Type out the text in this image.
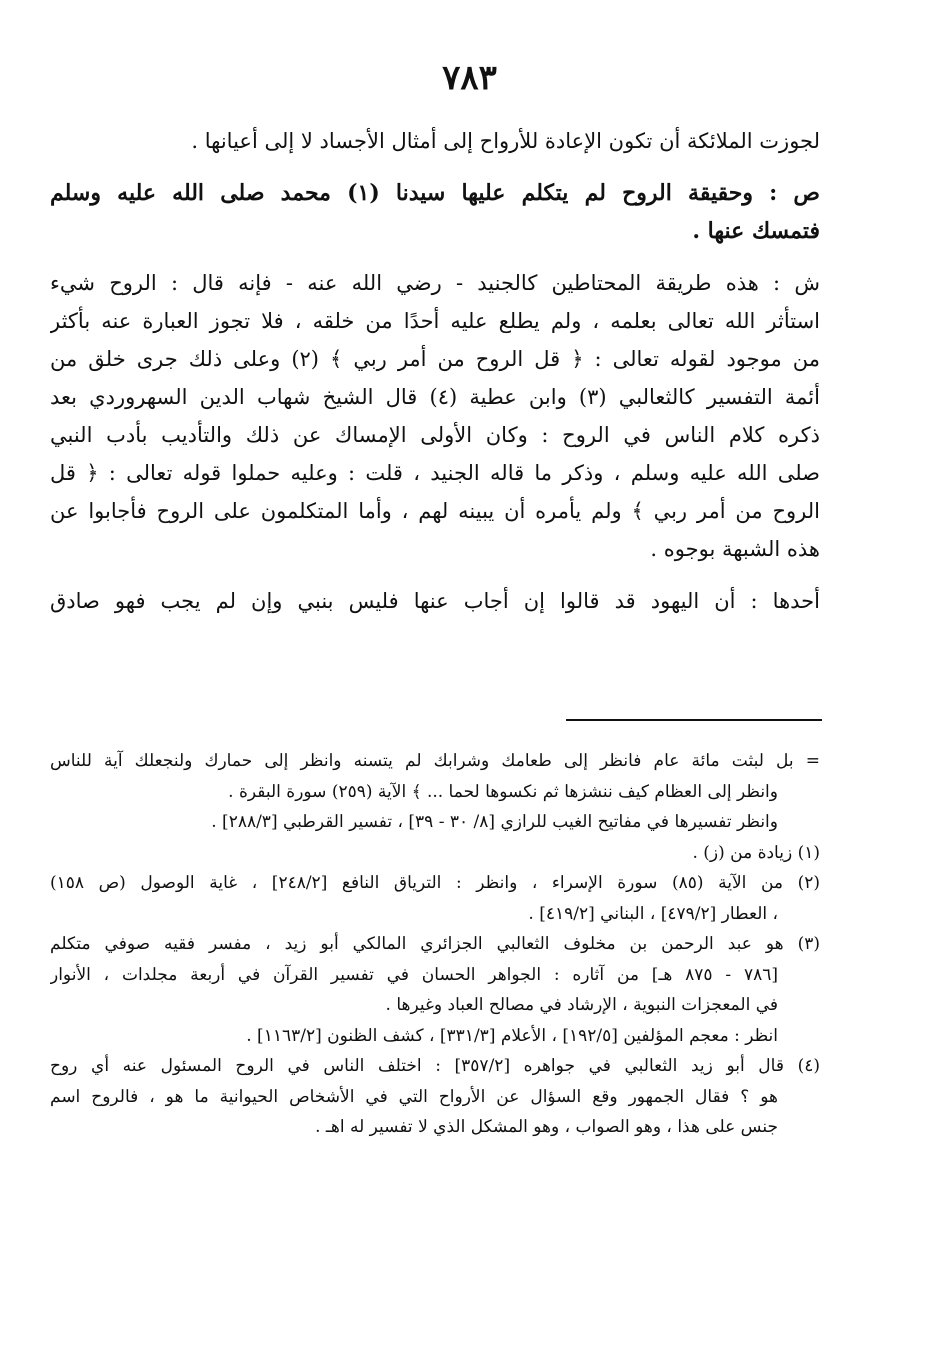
٧٨٣
لجوزت الملائكة أن تكون الإعادة للأرواح إلى أمثال الأجساد لا إلى أعيانها .
ص : وحقيقة الروح لم يتكلم عليها سيدنا (١) محمد صلى الله عليه وسلم
فتمسك عنها .
ش : هذه طريقة المحتاطين كالجنيد - رضي الله عنه - فإنه قال : الروح شيء
استأثر الله تعالى بعلمه ، ولم يطلع عليه أحدًا من خلقه ، فلا تجوز العبارة عنه بأكثر
من موجود لقوله تعالى : ﴿ قل الروح من أمر ربي ﴾ (٢) وعلى ذلك جرى خلق من
أئمة التفسير كالثعالبي (٣) وابن عطية (٤) قال الشيخ شهاب الدين السهروردي بعد
ذكره كلام الناس في الروح : وكان الأولى الإمساك عن ذلك والتأديب بأدب النبي
صلى الله عليه وسلم ، وذكر ما قاله الجنيد ، قلت : وعليه حملوا قوله تعالى : ﴿ قل
الروح من أمر ربي ﴾ ولم يأمره أن يبينه لهم ، وأما المتكلمون على الروح فأجابوا عن
هذه الشبهة بوجوه .
أحدها : أن اليهود قد قالوا إن أجاب عنها فليس بنبي وإن لم يجب فهو صادق
= بل لبثت مائة عام فانظر إلى طعامك وشرابك لم يتسنه وانظر إلى حمارك ولنجعلك آية للناس
وانظر إلى العظام كيف ننشزها ثم نكسوها لحما ... ﴾ الآية (٢٥٩) سورة البقرة .
وانظر تفسيرها في مفاتيح الغيب للرازي [٨/ ٣٠ - ٣٩] ، تفسير القرطبي [٢٨٨/٣] .
(١) زيادة من (ز) .
(٢) من الآية (٨٥) سورة الإسراء ، وانظر : الترياق النافع [٢٤٨/٢] ، غاية الوصول (ص ١٥٨)
، العطار [٤٧٩/٢] ، البناني [٤١٩/٢] .
(٣) هو عبد الرحمن بن مخلوف الثعالبي الجزائري المالكي أبو زيد ، مفسر فقيه صوفي متكلم
[٧٨٦ - ٨٧٥ هـ] من آثاره : الجواهر الحسان في تفسير القرآن في أربعة مجلدات ، الأنوار
في المعجزات النبوية ، الإرشاد في مصالح العباد وغيرها .
انظر : معجم المؤلفين [١٩٢/٥] ، الأعلام [٣٣١/٣] ، كشف الظنون [١١٦٣/٢] .
(٤) قال أبو زيد الثعالبي في جواهره [٣٥٧/٢] : اختلف الناس في الروح المسئول عنه أي روح
هو ؟ فقال الجمهور وقع السؤال عن الأرواح التي في الأشخاص الحيوانية ما هو ، فالروح اسم
جنس على هذا ، وهو الصواب ، وهو المشكل الذي لا تفسير له اهـ .
